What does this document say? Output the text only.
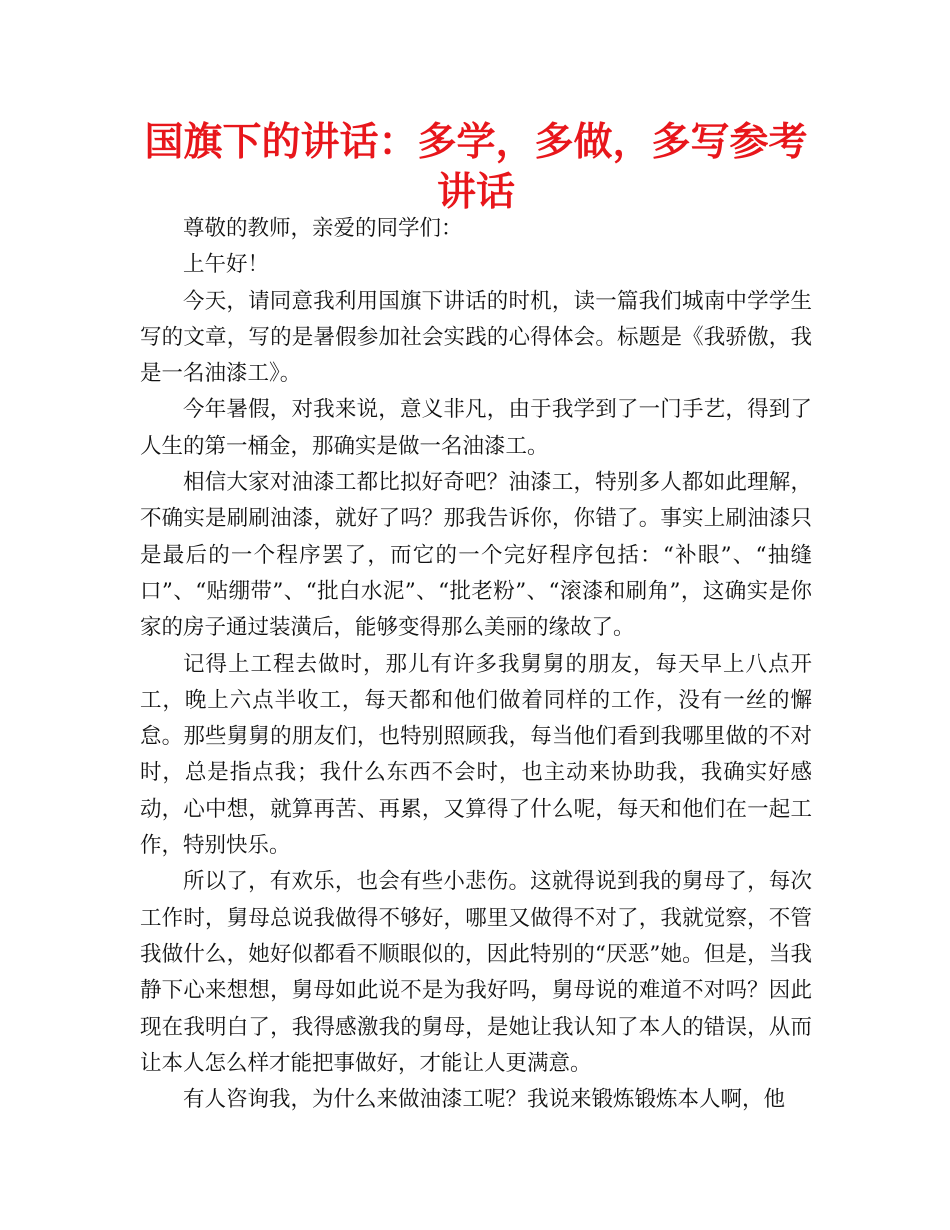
国旗下的讲话：多学，多做，多写参考讲话

尊敬的教师，亲爱的同学们：

上午好！

今天，请同意我利用国旗下讲话的时机，读一篇我们城南中学学生写的文章，写的是暑假参加社会实践的心得体会。标题是《我骄傲，我是一名油漆工》。

今年暑假，对我来说，意义非凡，由于我学到了一门手艺，得到了人生的第一桶金，那确实是做一名油漆工。

相信大家对油漆工都比拟好奇吧？油漆工，特别多人都如此理解，不确实是刷刷油漆，就好了吗？那我告诉你，你错了。事实上刷油漆只是最后的一个程序罢了，而它的一个完好程序包括：“补眼”、“抽缝口”、“贴绷带”、“批白水泥”、“批老粉”、“滚漆和刷角”，这确实是你家的房子通过装潢后，能够变得那么美丽的缘故了。

记得上工程去做时，那儿有许多我舅舅的朋友，每天早上八点开工，晚上六点半收工，每天都和他们做着同样的工作，没有一丝的懈怠。那些舅舅的朋友们，也特别照顾我，每当他们看到我哪里做的不对时，总是指点我；我什么东西不会时，也主动来协助我，我确实好感动，心中想，就算再苦、再累，又算得了什么呢，每天和他们在一起工作，特别快乐。

所以了，有欢乐，也会有些小悲伤。这就得说到我的舅母了，每次工作时，舅母总说我做得不够好，哪里又做得不对了，我就觉察，不管我做什么，她好似都看不顺眼似的，因此特别的“厌恶”她。但是，当我静下心来想想，舅母如此说不是为我好吗，舅母说的难道不对吗？因此现在我明白了，我得感激我的舅母，是她让我认知了本人的错误，从而让本人怎么样才能把事做好，才能让人更满意。

有人咨询我，为什么来做油漆工呢？我说来锻炼锻炼本人啊，他
